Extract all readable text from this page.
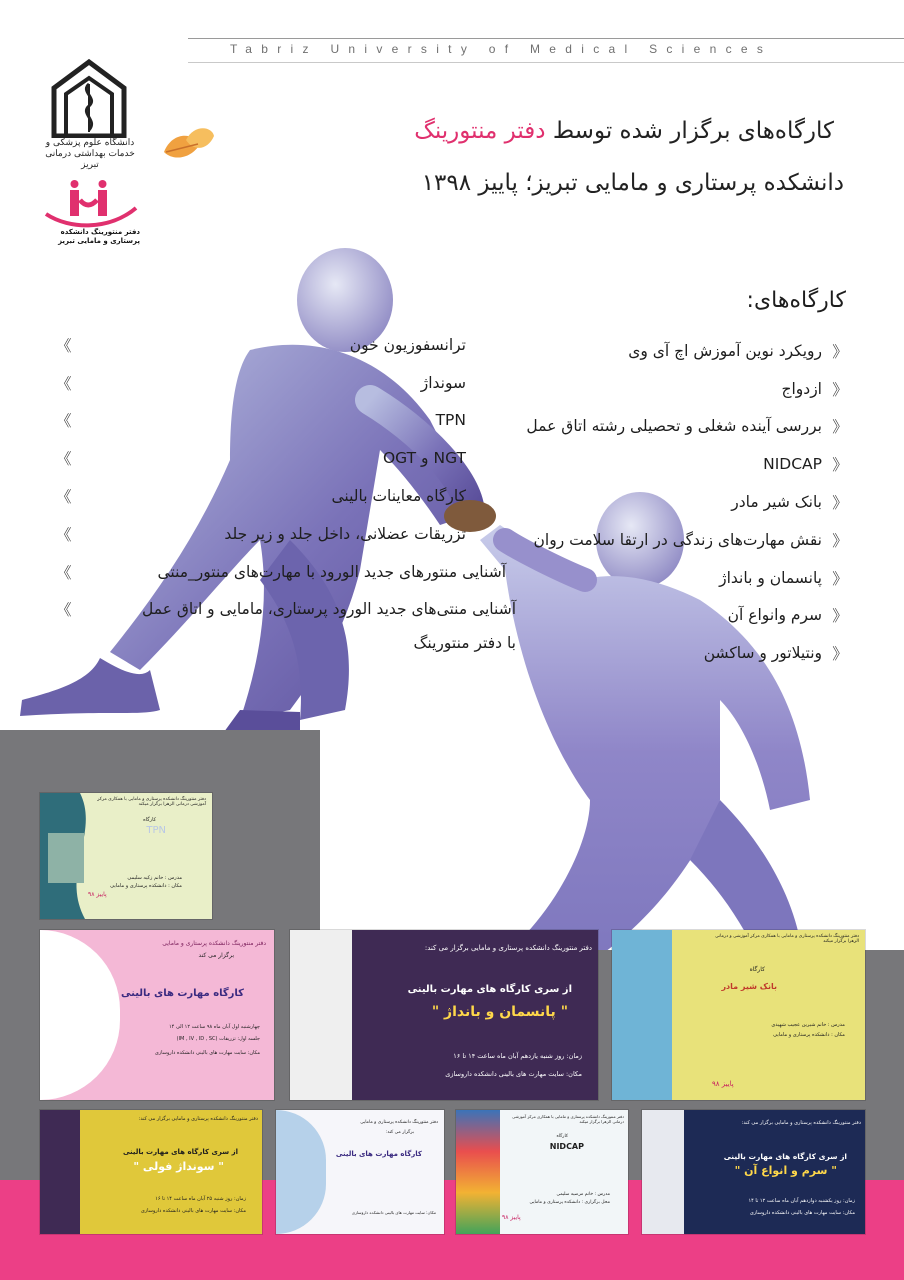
Tabriz University of Medical Sciences
دانشگاه علوم پزشکی و خدمات بهداشتی درمانی تبریز
دفتر منتورینگ دانشکده پرستاری و مامایی تبریز
کارگاه‌های برگزار شده توسط دفتر منتورینگ
دانشکده پرستاری و مامایی تبریز؛ پاییز ۱۳۹۸
کارگاه‌های:
《
رویکرد نوین آموزش اچ آی وی
《
ازدواج
《
بررسی آینده شغلی و تحصیلی رشته اتاق عمل
《
NIDCAP
《
بانک شیر مادر
《
نقش مهارت‌های زندگی در ارتقا سلامت روان
《
پانسمان و بانداژ
《
سرم وانواع آن
《
ونتیلاتور و ساکشن
《	ترانسفوزیون خون
《	سونداژ
《	TPN
《	NGT و OGT
《	کارگاه معاینات بالینی
《	تزریقات عضلانی، داخل جلد و زیر جلد
《	آشنایی منتورهای جدید الورود با مهارت‌های منتور_منتی
《	آشنایی منتی‌های جدید الورود پرستاری، مامایی و اتاق عمل
با دفتر منتورینگ
دفتر منتورینگ دانشکده پرستاری و مامایی با همکاری مرکز آموزشی درمانی الزهرا برگزار میکند
کارگاه
TPN
مدرس : خانم زکیه سلیمی
مکان : دانشکده پرستاری و مامایی
پاییز ۹۸
دفتر منتورینگ دانشکده پرستاری و مامایی
برگزار می کند
کارگاه مهارت های بالینی
چهارشنبه اول آبان ماه ۹۸ ساعت ۱۲ الی ۱۴
جلسه اول: تزریقات (IM , IV , ID , SC)
مکان: سایت مهارت های بالینی دانشکده داروسازی
دفتر منتورینگ دانشکده پرستاری و مامایی برگزار می کند:
از سری کارگاه های مهارت بالینی
" پانسمان و بانداژ "
زمان: روز شنبه یازدهم آبان ماه ساعت ۱۴ تا ۱۶
مکان: سایت مهارت های بالینی دانشکده داروسازی
دفتر منتورینگ دانشکده پرستاری و مامایی با همکاری مرکز آموزشی و درمانی الزهرا برگزار میکند
کارگاه
بانک شیر مادر
مدرس : خانم شیرین عجیب شهیدی
مکان : دانشکده پرستاری و مامایی
پاییز ۹۸
دفتر منتورینگ دانشکده پرستاری و مامایی برگزار می کند:
از سری کارگاه های مهارت بالینی
" سونداژ فولی "
زمان: روز شنبه ۲۵ آبان ماه ساعت ۱۴ تا ۱۶
مکان: سایت مهارت های بالینی دانشکده داروسازی
دفتر منتورینگ دانشکده پرستاری و مامایی
برگزار می کند:
کارگاه مهارت های بالینی
مکان: سایت مهارت های بالینی دانشکده داروسازی
دفتر منتورینگ دانشکده پرستاری و مامایی با همکاری مرکز آموزشی درمانی الزهرا برگزار میکند
کارگاه
NIDCAP
مدرس : خانم مرضیه سلیمی
محل برگزاری : دانشکده پرستاری و مامایی
پاییز ۹۸
دفتر منتورینگ دانشکده پرستاری و مامایی برگزار می کند:
از سری کارگاه های مهارت بالینی
" سرم و انواع آن "
زمان: روز یکشنبه دوازدهم آبان ماه ساعت ۱۲ تا ۱۴
مکان: سایت مهارت های بالینی دانشکده داروسازی
